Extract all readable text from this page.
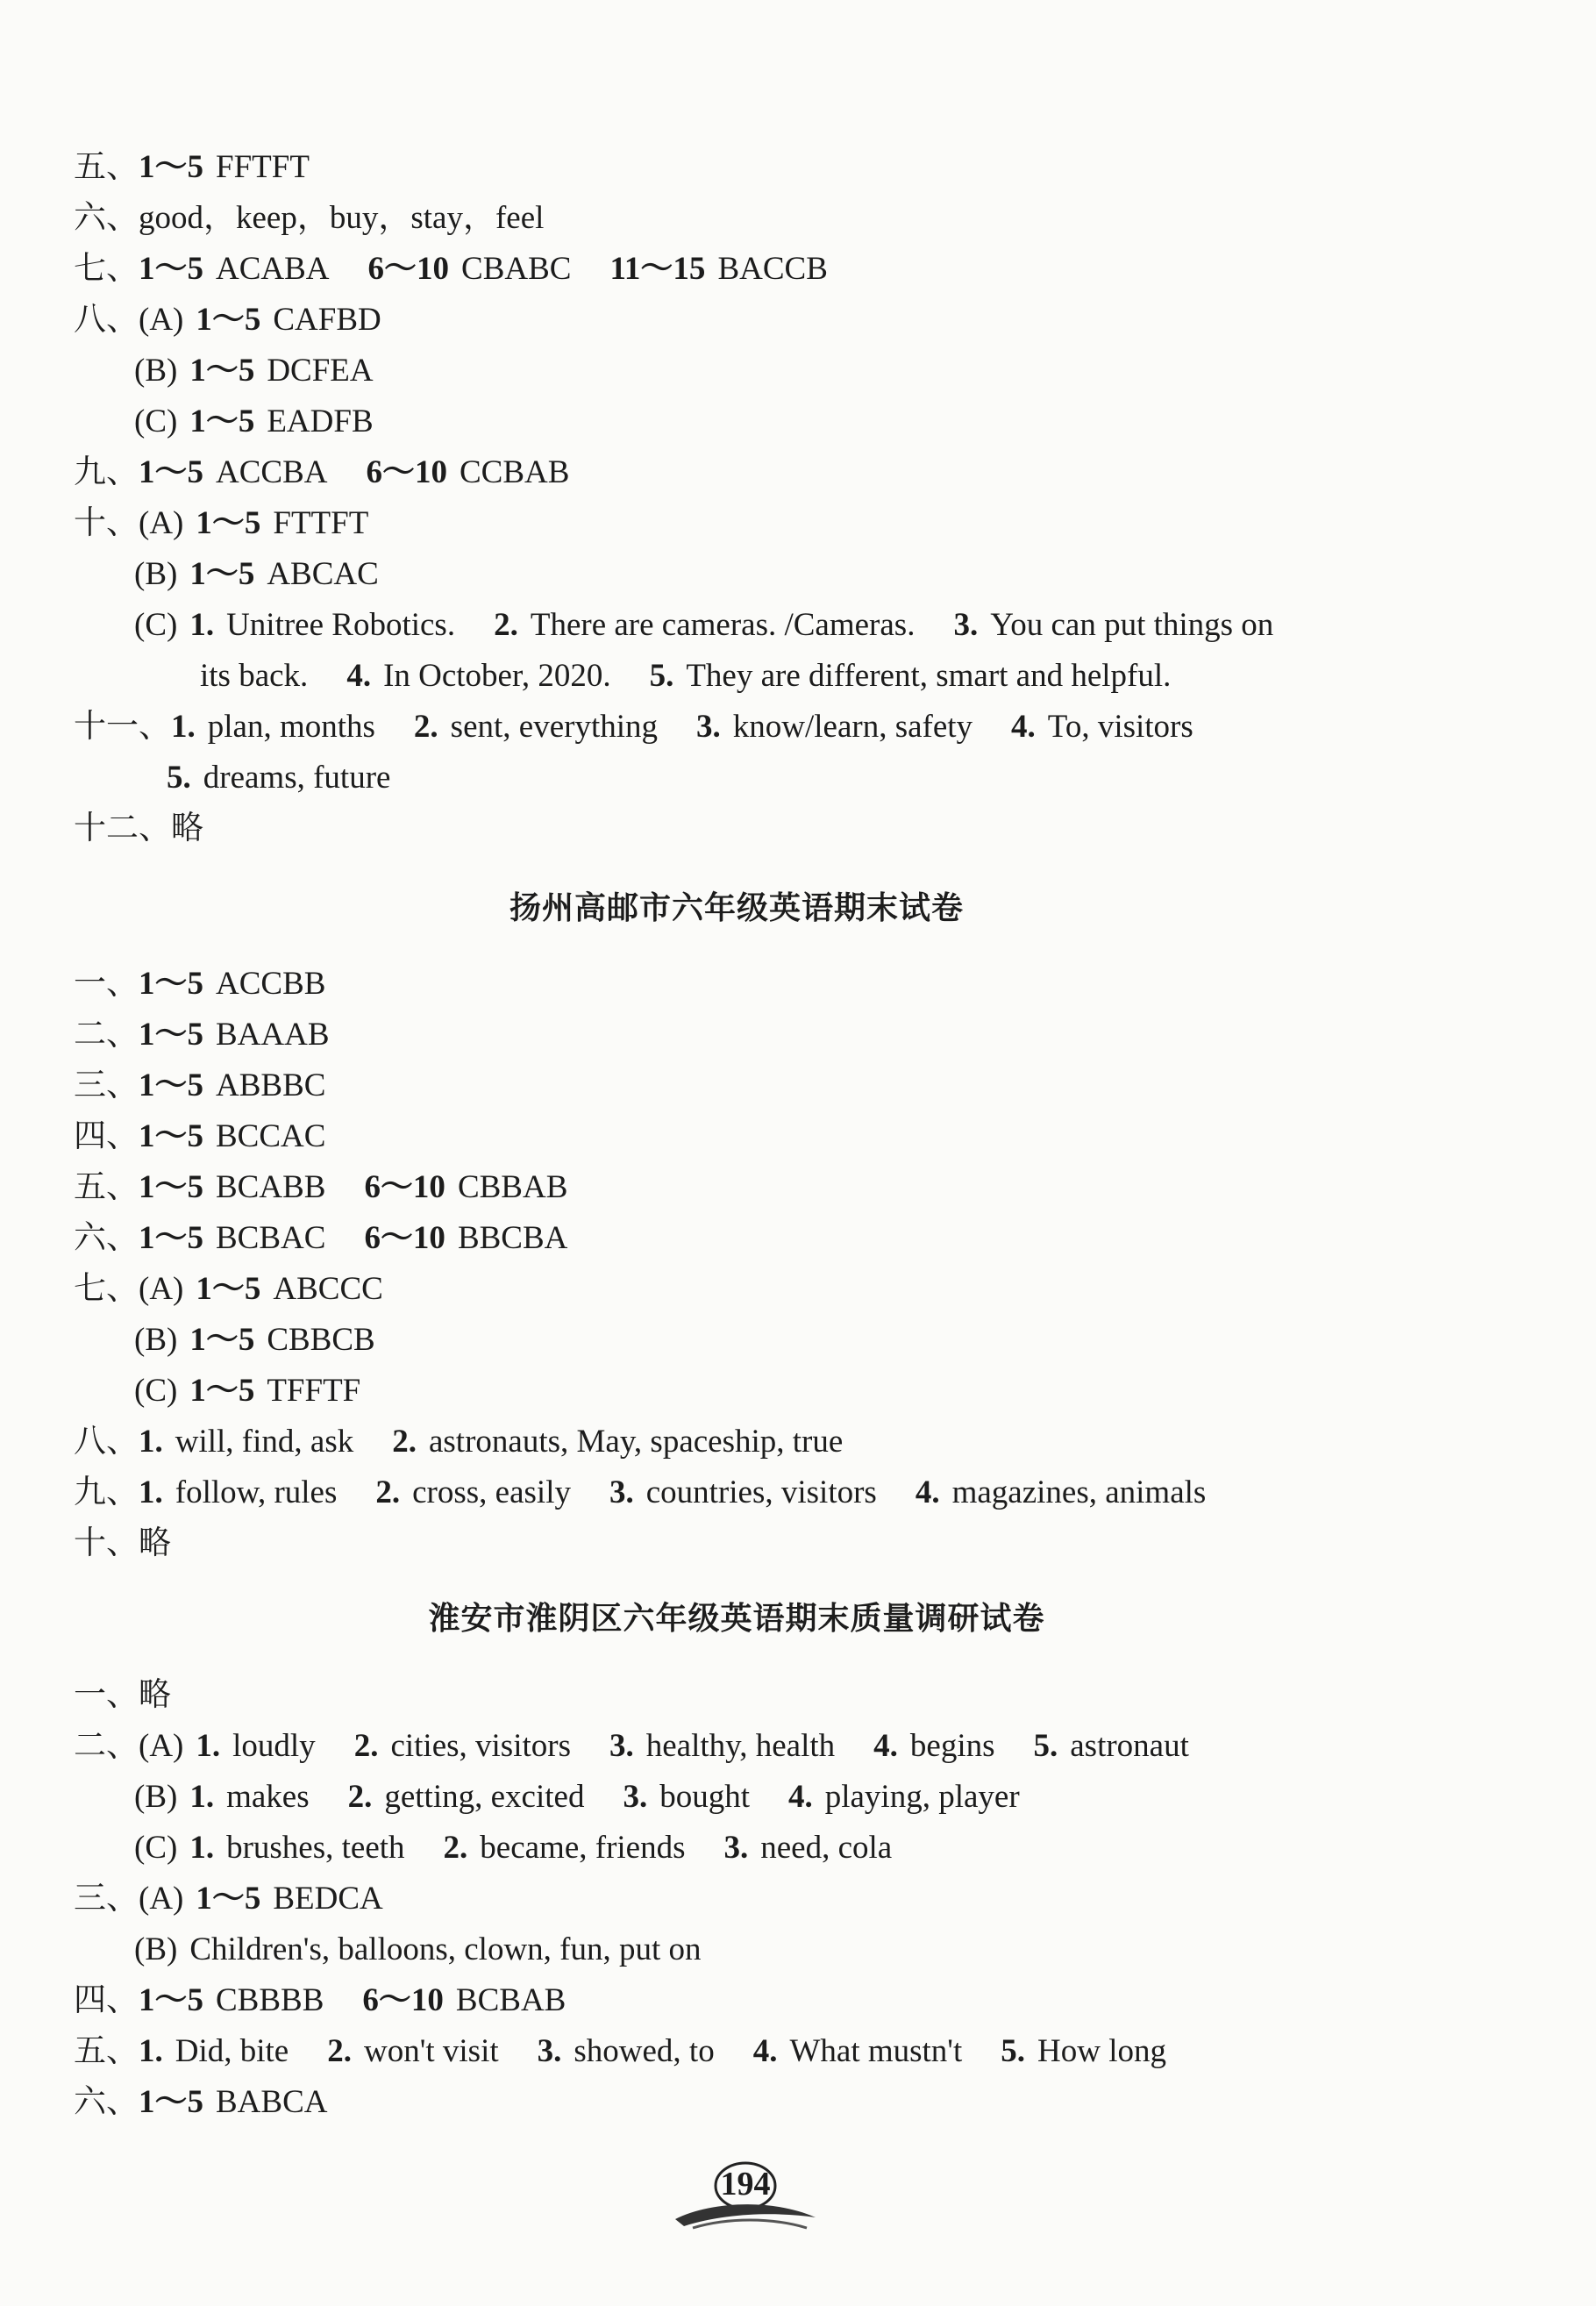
五、1～5 FFTFT
六、good，keep，buy，stay，feel
七、1～5 ACABA 6～10 CBABC 11～15 BACCB
八、(A) 1～5 CAFBD
(B) 1～5 DCFEA
(C) 1～5 EADFB
九、1～5 ACCBA 6～10 CCBAB
十、(A) 1～5 FTTFT
(B) 1～5 ABCAC
(C) 1. Unitree Robotics. 2. There are cameras. /Cameras. 3. You can put things on
its back. 4. In October, 2020. 5. They are different, smart and helpful.
十一、1. plan, months 2. sent, everything 3. know/learn, safety 4. To, visitors
5. dreams, future
十二、略
扬州高邮市六年级英语期末试卷
一、1～5 ACCBB
二、1～5 BAAAB
三、1～5 ABBBC
四、1～5 BCCAC
五、1～5 BCABB 6～10 CBBAB
六、1～5 BCBAC 6～10 BBCBA
七、(A) 1～5 ABCCC
(B) 1～5 CBBCB
(C) 1～5 TFFTF
八、1. will, find, ask 2. astronauts, May, spaceship, true
九、1. follow, rules 2. cross, easily 3. countries, visitors 4. magazines, animals
十、略
淮安市淮阴区六年级英语期末质量调研试卷
一、略
二、(A) 1. loudly 2. cities, visitors 3. healthy, health 4. begins 5. astronaut
(B) 1. makes 2. getting, excited 3. bought 4. playing, player
(C) 1. brushes, teeth 2. became, friends 3. need, cola
三、(A) 1～5 BEDCA
(B) Children's, balloons, clown, fun, put on
四、1～5 CBBBB 6～10 BCBAB
五、1. Did, bite 2. won't visit 3. showed, to 4. What mustn't 5. How long
六、1～5 BABCA
194
